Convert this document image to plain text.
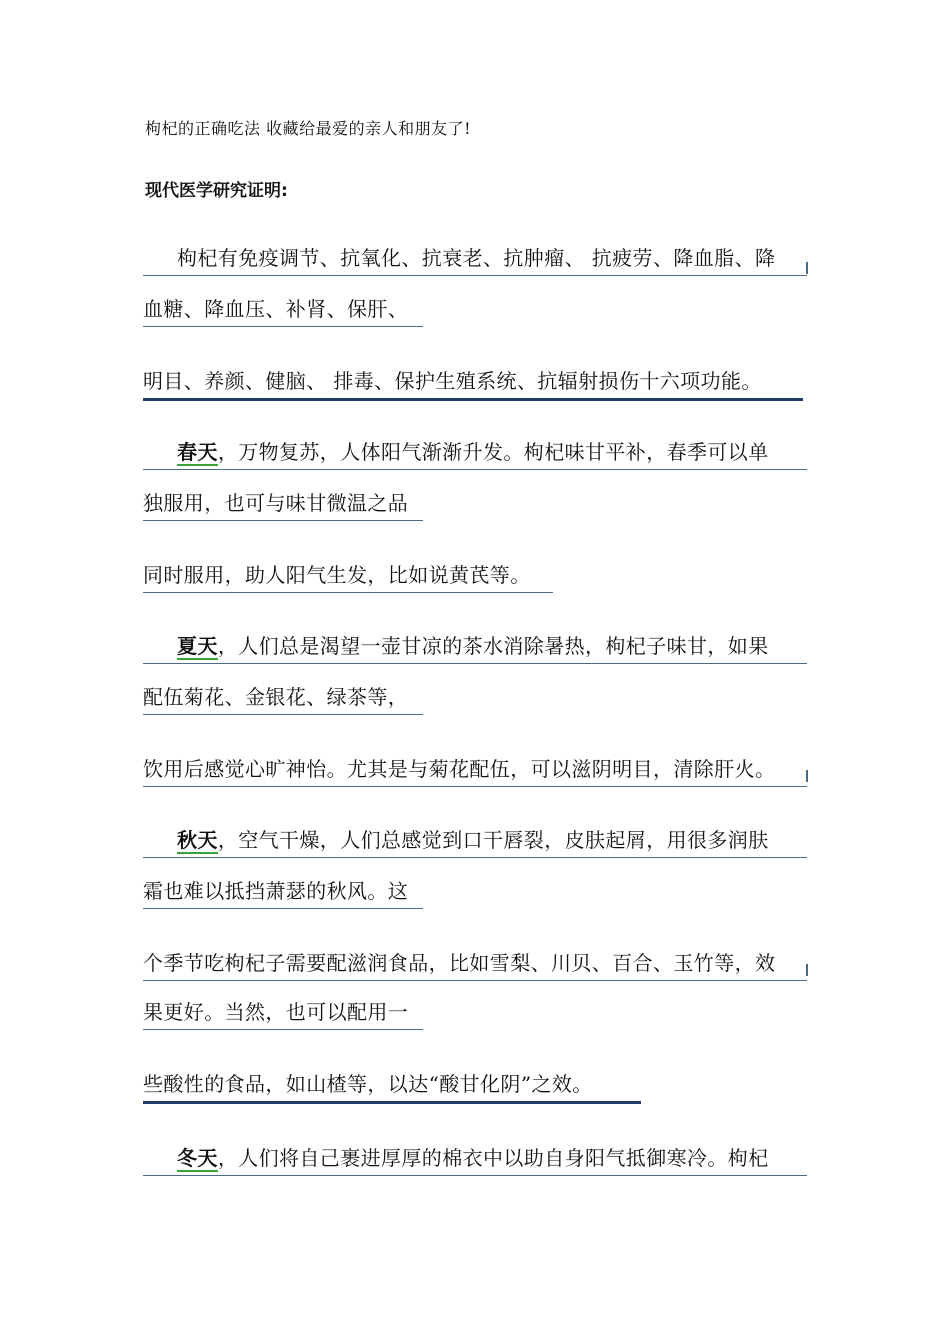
枸杞的正确吃法 收藏给最爱的亲人和朋友了!
现代医学研究证明:
枸杞有免疫调节、抗氧化、抗衰老、抗肿瘤、 抗疲劳、降血脂、降
血糖、降血压、补肾、保肝、
明目、养颜、健脑、 排毒、保护生殖系统、抗辐射损伤十六项功能。
春天，万物复苏，人体阳气渐渐升发。枸杞味甘平补，春季可以单
独服用，也可与味甘微温之品
同时服用，助人阳气生发，比如说黄芪等。
夏天，人们总是渴望一壶甘凉的茶水消除暑热，枸杞子味甘，如果
配伍菊花、金银花、绿茶等，
饮用后感觉心旷神怡。尤其是与菊花配伍，可以滋阴明目，清除肝火。
秋天，空气干燥，人们总感觉到口干唇裂，皮肤起屑，用很多润肤
霜也难以抵挡萧瑟的秋风。这
个季节吃枸杞子需要配滋润食品，比如雪梨、川贝、百合、玉竹等，效
果更好。当然，也可以配用一
些酸性的食品，如山楂等，以达“酸甘化阴”之效。
冬天，人们将自己裹进厚厚的棉衣中以助自身阳气抵御寒冷。枸杞
